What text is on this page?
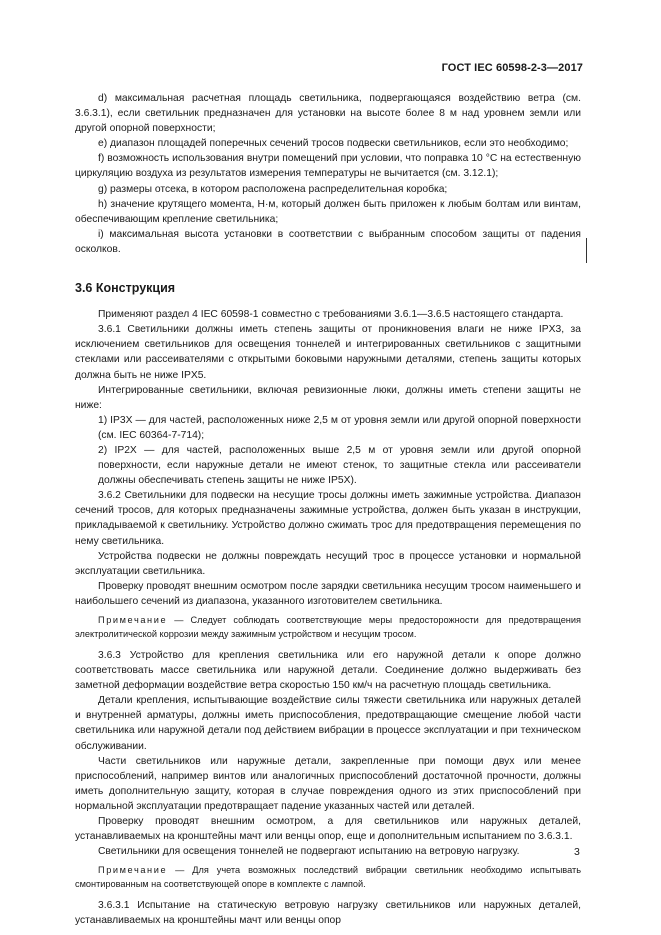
ГОСТ IEC 60598-2-3—2017

d) максимальная расчетная площадь светильника, подвергающаяся воздействию ветра (см. 3.6.3.1), если светильник предназначен для установки на высоте более 8 м над уровнем земли или другой опорной поверхности;

e) диапазон площадей поперечных сечений тросов подвески светильников, если это необходимо;

f) возможность использования внутри помещений при условии, что поправка 10 °С на естественную циркуляцию воздуха из результатов измерения температуры не вычитается (см. 3.12.1);

g) размеры отсека, в котором расположена распределительная коробка;

h) значение крутящего момента, Н·м, который должен быть приложен к любым болтам или винтам, обеспечивающим крепление светильника;

i) максимальная высота установки в соответствии с выбранным способом защиты от падения осколков.

3.6 Конструкция

Применяют раздел 4 IEC 60598-1 совместно с требованиями 3.6.1—3.6.5 настоящего стандарта.

3.6.1 Светильники должны иметь степень защиты от проникновения влаги не ниже IPX3, за исключением светильников для освещения тоннелей и интегрированных светильников с защитными стеклами или рассеивателями с открытыми боковыми наружными деталями, степень защиты которых должна быть не ниже IPX5.

Интегрированные светильники, включая ревизионные люки, должны иметь степени защиты не ниже:

1) IP3X — для частей, расположенных ниже 2,5 м от уровня земли или другой опорной поверхности (см. IEC 60364-7-714);

2) IP2X — для частей, расположенных выше 2,5 м от уровня земли или другой опорной поверхности, если наружные детали не имеют стенок, то защитные стекла или рассеиватели должны обеспечивать степень защиты не ниже IP5X).

3.6.2 Светильники для подвески на несущие тросы должны иметь зажимные устройства. Диапазон сечений тросов, для которых предназначены зажимные устройства, должен быть указан в инструкции, прикладываемой к светильнику. Устройство должно сжимать трос для предотвращения перемещения по нему светильника.

Устройства подвески не должны повреждать несущий трос в процессе установки и нормальной эксплуатации светильника.

Проверку проводят внешним осмотром после зарядки светильника несущим тросом наименьшего и наибольшего сечений из диапазона, указанного изготовителем светильника.

Примечание — Следует соблюдать соответствующие меры предосторожности для предотвращения электролитической коррозии между зажимным устройством и несущим тросом.

3.6.3 Устройство для крепления светильника или его наружной детали к опоре должно соответствовать массе светильника или наружной детали. Соединение должно выдерживать без заметной деформации воздействие ветра скоростью 150 км/ч на расчетную площадь светильника.

Детали крепления, испытывающие воздействие силы тяжести светильника или наружных деталей и внутренней арматуры, должны иметь приспособления, предотвращающие смещение любой части светильника или наружной детали под действием вибрации в процессе эксплуатации и при техническом обслуживании.

Части светильников или наружные детали, закрепленные при помощи двух или менее приспособлений, например винтов или аналогичных приспособлений достаточной прочности, должны иметь дополнительную защиту, которая в случае повреждения одного из этих приспособлений при нормальной эксплуатации предотвращает падение указанных частей или деталей.

Проверку проводят внешним осмотром, а для светильников или наружных деталей, устанавливаемых на кронштейны мачт или венцы опор, еще и дополнительным испытанием по 3.6.3.1.

Светильники для освещения тоннелей не подвергают испытанию на ветровую нагрузку.

Примечание — Для учета возможных последствий вибрации светильник необходимо испытывать смонтированным на соответствующей опоре в комплекте с лампой.

3.6.3.1 Испытание на статическую ветровую нагрузку светильников или наружных деталей, устанавливаемых на кронштейны мачт или венцы опор

3
